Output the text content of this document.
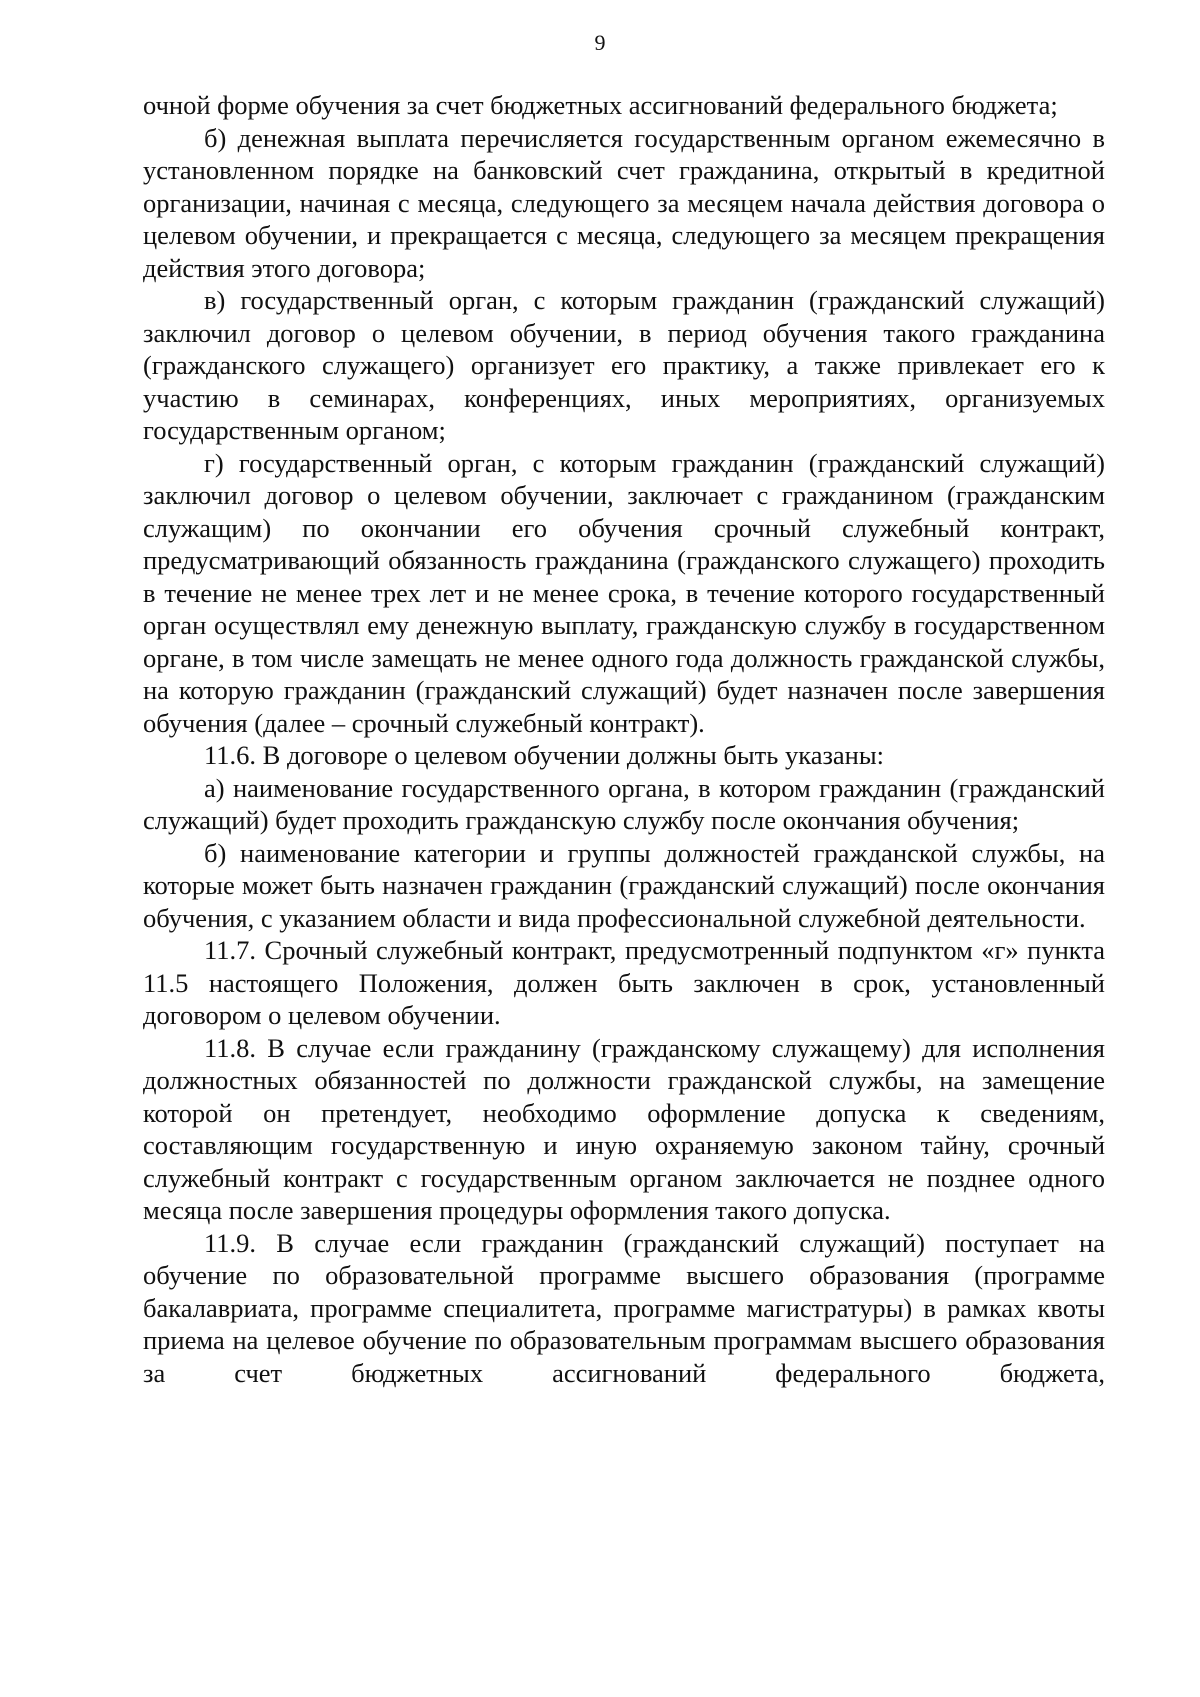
9

очной форме обучения за счет бюджетных ассигнований федерального бюджета;

б) денежная выплата перечисляется государственным органом ежемесячно в установленном порядке на банковский счет гражданина, открытый в кредитной организации, начиная с месяца, следующего за месяцем начала действия договора о целевом обучении, и прекращается с месяца, следующего за месяцем прекращения действия этого договора;

в) государственный орган, с которым гражданин (гражданский служащий) заключил договор о целевом обучении, в период обучения такого гражданина (гражданского служащего) организует его практику, а также привлекает его к участию в семинарах, конференциях, иных мероприятиях, организуемых государственным органом;

г) государственный орган, с которым гражданин (гражданский служащий) заключил договор о целевом обучении, заключает с гражданином (гражданским служащим) по окончании его обучения срочный служебный контракт, предусматривающий обязанность гражданина (гражданского служащего) проходить в течение не менее трех лет и не менее срока, в течение которого государственный орган осуществлял ему денежную выплату, гражданскую службу в государственном органе, в том числе замещать не менее одного года должность гражданской службы, на которую гражданин (гражданский служащий) будет назначен после завершения обучения (далее – срочный служебный контракт).

11.6. В договоре о целевом обучении должны быть указаны:

а) наименование государственного органа, в котором гражданин (гражданский служащий) будет проходить гражданскую службу после окончания обучения;

б) наименование категории и группы должностей гражданской службы, на которые может быть назначен гражданин (гражданский служащий) после окончания обучения, с указанием области и вида профессиональной служебной деятельности.

11.7. Срочный служебный контракт, предусмотренный подпунктом «г» пункта 11.5 настоящего Положения, должен быть заключен в срок, установленный договором о целевом обучении.

11.8. В случае если гражданину (гражданскому служащему) для исполнения должностных обязанностей по должности гражданской службы, на замещение которой он претендует, необходимо оформление допуска к сведениям, составляющим государственную и иную охраняемую законом тайну, срочный служебный контракт с государственным органом заключается не позднее одного месяца после завершения процедуры оформления такого допуска.

11.9. В случае если гражданин (гражданский служащий) поступает на обучение по образовательной программе высшего образования (программе бакалавриата, программе специалитета, программе магистратуры) в рамках квоты приема на целевое обучение по образовательным программам высшего образования за счет бюджетных ассигнований федерального бюджета,
